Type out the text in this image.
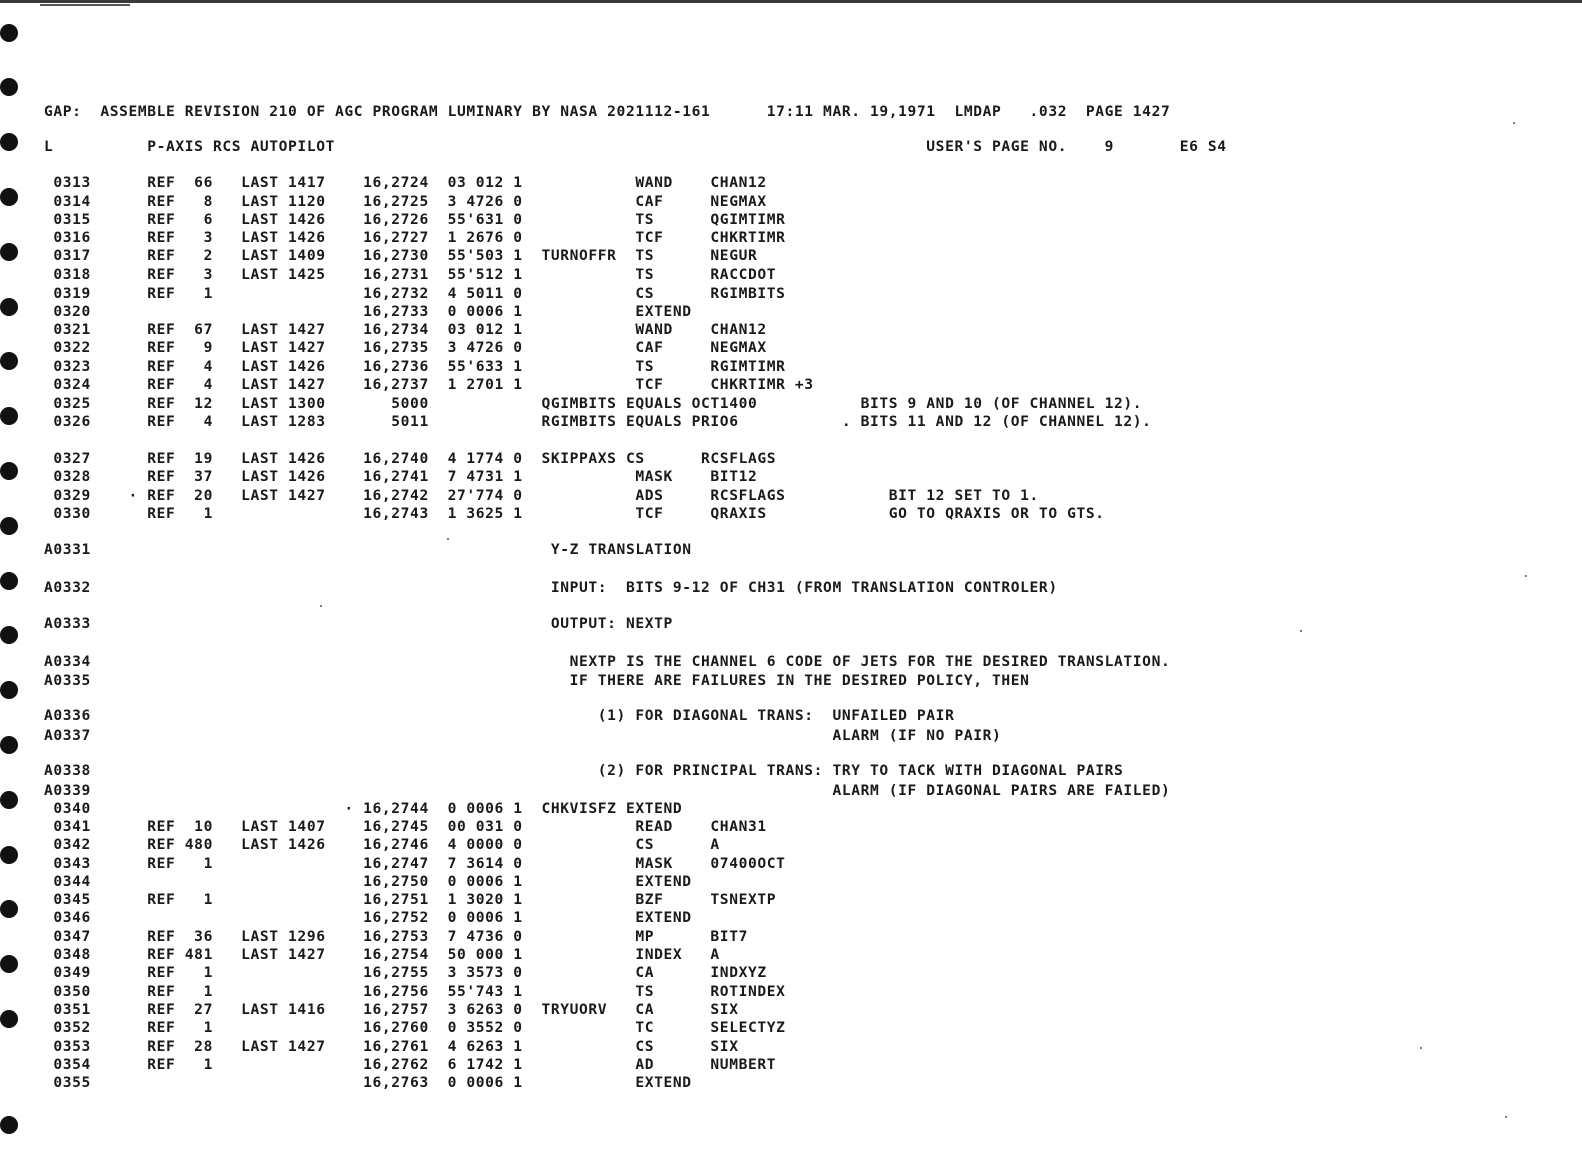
GAP:  ASSEMBLE REVISION 210 OF AGC PROGRAM LUMINARY BY NASA 2021112-161      17:11 MAR. 19,1971  LMDAP   .032  PAGE 1427
L          P-AXIS RCS AUTOPILOT                                                               USER'S PAGE NO.    9       E6 S4
0313      REF  66   LAST 1417    16,2724  03 012 1            WAND    CHAN12
0314      REF   8   LAST 1120    16,2725  3 4726 0            CAF     NEGMAX
0315      REF   6   LAST 1426    16,2726  55'631 0            TS      QGIMTIMR
0316      REF   3   LAST 1426    16,2727  1 2676 0            TCF     CHKRTIMR
0317      REF   2   LAST 1409    16,2730  55'503 1  TURNOFFR  TS      NEGUR
0318      REF   3   LAST 1425    16,2731  55'512 1            TS      RACCDOT
0319      REF   1                16,2732  4 5011 0            CS      RGIMBITS
0320                             16,2733  0 0006 1            EXTEND
0321      REF  67   LAST 1427    16,2734  03 012 1            WAND    CHAN12
0322      REF   9   LAST 1427    16,2735  3 4726 0            CAF     NEGMAX
0323      REF   4   LAST 1426    16,2736  55'633 1            TS      RGIMTIMR
0324      REF   4   LAST 1427    16,2737  1 2701 1            TCF     CHKRTIMR +3
0325      REF  12   LAST 1300       5000            QGIMBITS EQUALS OCT1400           BITS 9 AND 10 (OF CHANNEL 12).
0326      REF   4   LAST 1283       5011            RGIMBITS EQUALS PRIO6           . BITS 11 AND 12 (OF CHANNEL 12).
0327      REF  19   LAST 1426    16,2740  4 1774 0  SKIPPAXS CS      RCSFLAGS
0328      REF  37   LAST 1426    16,2741  7 4731 1            MASK    BIT12
0329    · REF  20   LAST 1427    16,2742  27'774 0            ADS     RCSFLAGS           BIT 12 SET TO 1.
0330      REF   1                16,2743  1 3625 1            TCF     QRAXIS             GO TO QRAXIS OR TO GTS.
A0331                                                 Y-Z TRANSLATION
A0332                                                 INPUT:  BITS 9-12 OF CH31 (FROM TRANSLATION CONTROLER)
A0333                                                 OUTPUT: NEXTP
A0334                                                   NEXTP IS THE CHANNEL 6 CODE OF JETS FOR THE DESIRED TRANSLATION.
A0335                                                   IF THERE ARE FAILURES IN THE DESIRED POLICY, THEN
A0336                                                      (1) FOR DIAGONAL TRANS:  UNFAILED PAIR
A0337                                                                               ALARM (IF NO PAIR)
A0338                                                      (2) FOR PRINCIPAL TRANS: TRY TO TACK WITH DIAGONAL PAIRS
A0339                                                                               ALARM (IF DIAGONAL PAIRS ARE FAILED)
0340                           · 16,2744  0 0006 1  CHKVISFZ EXTEND
0341      REF  10   LAST 1407    16,2745  00 031 0            READ    CHAN31
0342      REF 480   LAST 1426    16,2746  4 0000 0            CS      A
0343      REF   1                16,2747  7 3614 0            MASK    07400OCT
0344                             16,2750  0 0006 1            EXTEND
0345      REF   1                16,2751  1 3020 1            BZF     TSNEXTP
0346                             16,2752  0 0006 1            EXTEND
0347      REF  36   LAST 1296    16,2753  7 4736 0            MP      BIT7
0348      REF 481   LAST 1427    16,2754  50 000 1            INDEX   A
0349      REF   1                16,2755  3 3573 0            CA      INDXYZ
0350      REF   1                16,2756  55'743 1            TS      ROTINDEX
0351      REF  27   LAST 1416    16,2757  3 6263 0  TRYUORV   CA      SIX
0352      REF   1                16,2760  0 3552 0            TC      SELECTYZ
0353      REF  28   LAST 1427    16,2761  4 6263 1            CS      SIX
0354      REF   1                16,2762  6 1742 1            AD      NUMBERT
0355                             16,2763  0 0006 1            EXTEND
